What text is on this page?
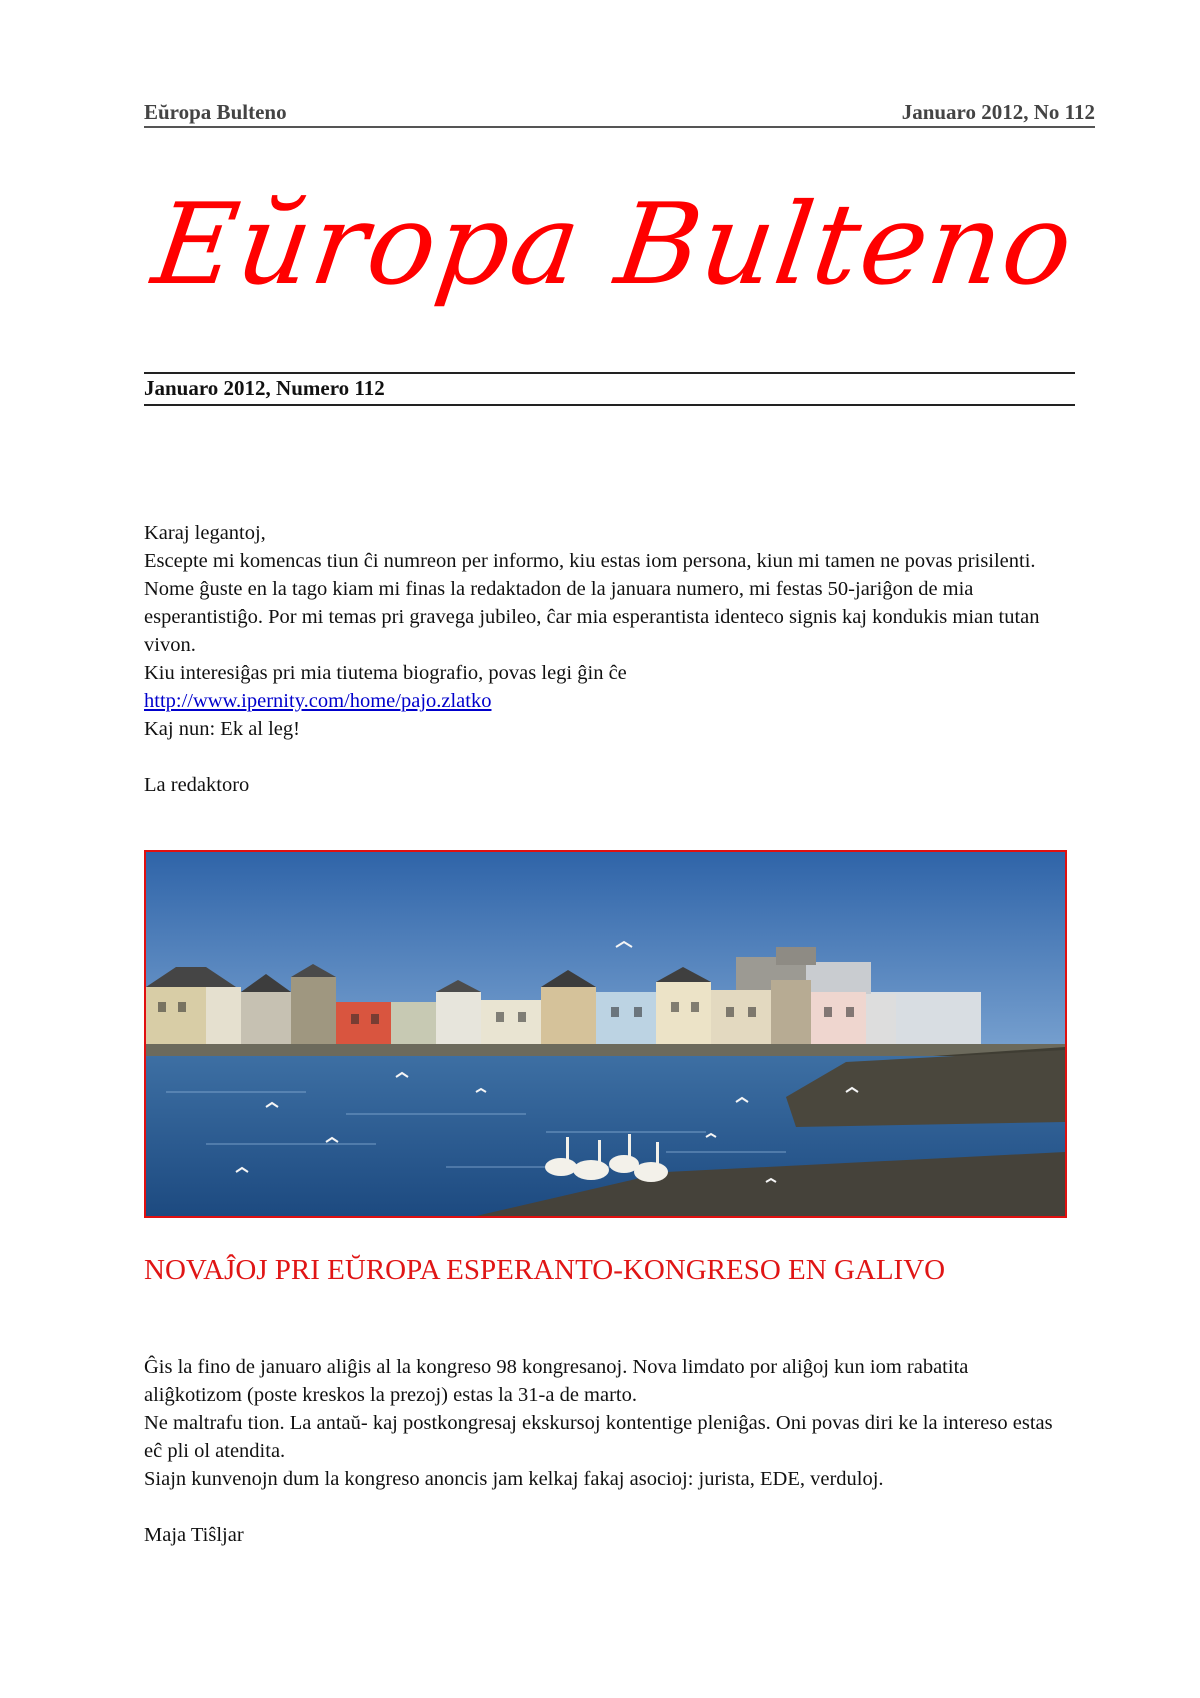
Eŭropa Bulteno	Januaro 2012, No 112
Eŭropa Bulteno
Januaro 2012, Numero 112

Karaj legantoj,

Escepte mi komencas tiun ĉi numreon per informo, kiu estas iom persona, kiun mi tamen ne povas prisilenti. Nome ĝuste en la tago kiam mi finas la redaktadon de la januara numero, mi festas 50-jariĝon de mia esperantistiĝo. Por mi temas pri gravega jubileo, ĉar mia esperantista identeco signis kaj kondukis mian tutan vivon.

Kiu interesiĝas pri mia tiutema biografio, povas legi ĝin ĉe

http://www.ipernity.com/home/pajo.zlatko

Kaj nun: Ek al leg!

La redaktoro

NOVAĴOJ PRI EŬROPA ESPERANTO-KONGRESO EN GALIVO

Ĝis la fino de januaro aliĝis al la kongreso 98 kongresanoj. Nova limdato por aliĝoj kun iom rabatita aliĝkotizom (poste kreskos la prezoj) estas la 31-a de marto.

Ne maltrafu tion. La antaŭ- kaj postkongresaj ekskursoj kontentige pleniĝas. Oni povas diri ke la intereso estas eĉ pli ol atendita.

Siajn kunvenojn dum la kongreso anoncis jam kelkaj fakaj asocioj: jurista, EDE, verduloj.

Maja Tiŝljar
